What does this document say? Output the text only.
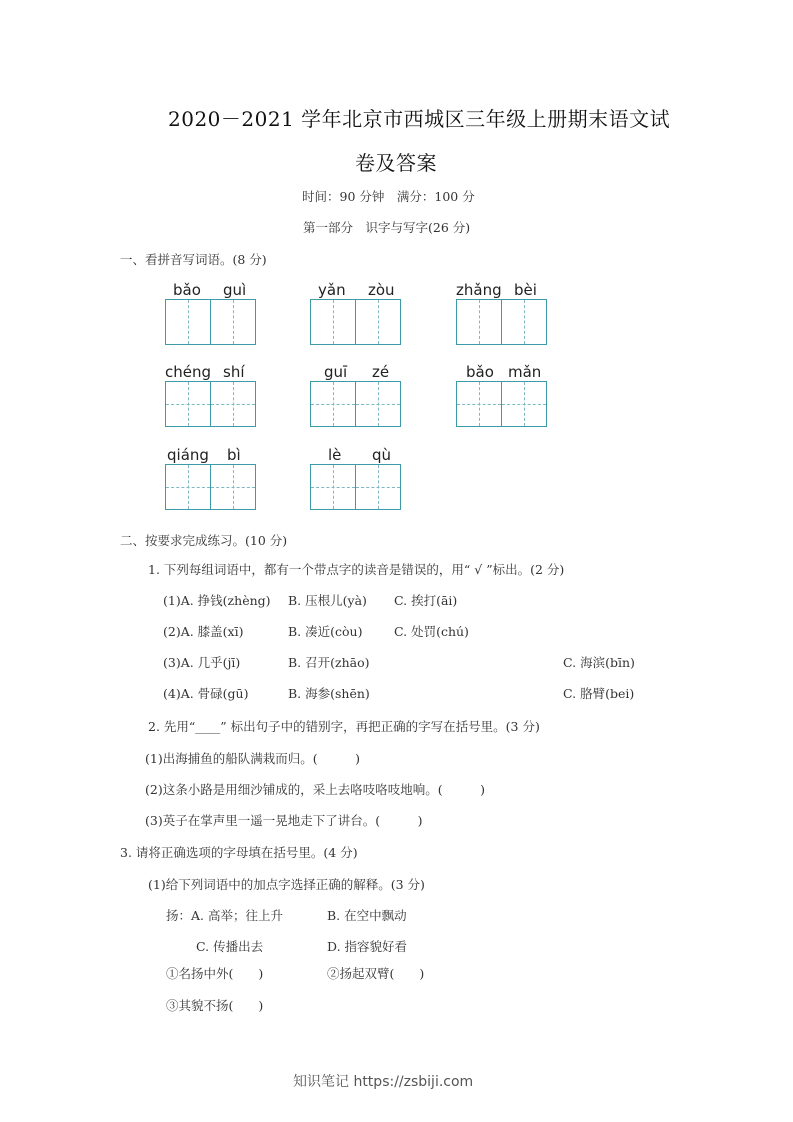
2020－2021 学年北京市西城区三年级上册期末语文试
卷及答案
时间：90 分钟　满分：100 分
第一部分　识字与写字(26 分)
一、看拼音写词语。(8 分)
bǎo guì	yǎn zòu	zhǎng bèi
chéng shí	guī zé	bǎo mǎn
qiáng bì	lè qù
二、按要求完成练习。(10 分)
1. 下列每组词语中，都有一个带点字的读音是错误的，用“ √ ”标出。(2 分)
(1)A. 挣钱(zhèng) B. 压根儿(yà) C. 挨打(āi)
(2)A. 膝盖(xī)	B. 凑近(còu)	C. 处罚(chú)
(3)A. 几乎(jī)	B. 召开(zhāo)	C. 海滨(bīn)
(4)A. 骨碌(gū)	B. 海参(shēn)	C. 胳臂(bei)
2. 先用“____” 标出句子中的错别字，再把正确的字写在括号里。(3 分)
(1)出海捕鱼的船队满栽而归。(　　　)
(2)这条小路是用细沙铺成的，采上去咯吱咯吱地响。(　　　)
(3)英子在掌声里一遥一晃地走下了讲台。(　　　)
3. 请将正确选项的字母填在括号里。(4 分)
(1)给下列词语中的加点字选择正确的解释。(3 分)
扬：A. 高举；往上升	B. 在空中飘动
C. 传播出去	D. 指容貌好看
①名扬中外(　　)	②扬起双臂(　　)
③其貌不扬(　　)
知识笔记 https://zsbiji.com
